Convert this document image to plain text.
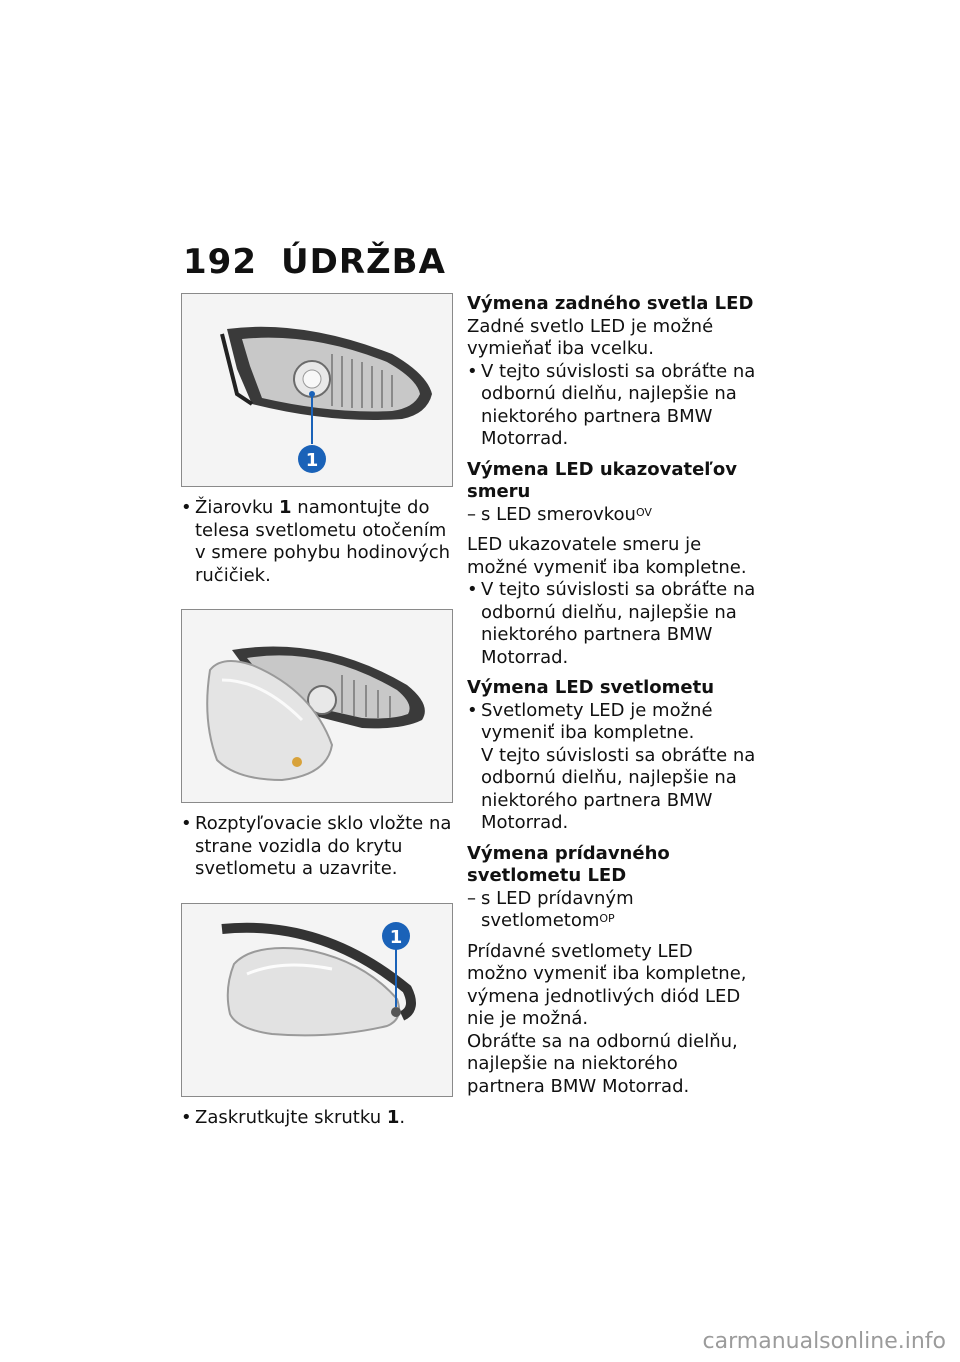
192 ÚDRŽBA
1
• Žiarovku 1 namontujte do telesa svetlometu otočením v smere pohybu hodinových ručičiek.
• Rozptyľovacie sklo vložte na strane vozidla do krytu svetlometu a uzavrite.
1
• Zaskrutkujte skrutku 1.
Výmena zadného svetla LED

Zadné svetlo LED je možné vymieňať iba vcelku.

• V tejto súvislosti sa obráťte na odbornú dielňu, najlepšie na niektorého partnera BMW Motorrad.
Výmena LED ukazovateľov smeru
– s LED smerovkou$^{OV}$

LED ukazovatele smeru je možné vymeniť iba kompletne.

• V tejto súvislosti sa obráťte na odbornú dielňu, najlepšie na niektorého partnera BMW Motorrad.
Výmena LED svetlometu
• Svetlomety LED je možné vymeniť iba kompletne.
V tejto súvislosti sa obráťte na odbornú dielňu, najlepšie na niektorého partnera BMW Motorrad.
Výmena prídavného svetlometu LED
– s LED prídavným svetlometom$^{OP}$

Prídavné svetlomety LED možno vymeniť iba kompletne, výmena jednotlivých diód LED nie je možná.

Obráťte sa na odbornú dielňu, najlepšie na niektorého partnera BMW Motorrad.

carmanualsonline.info
